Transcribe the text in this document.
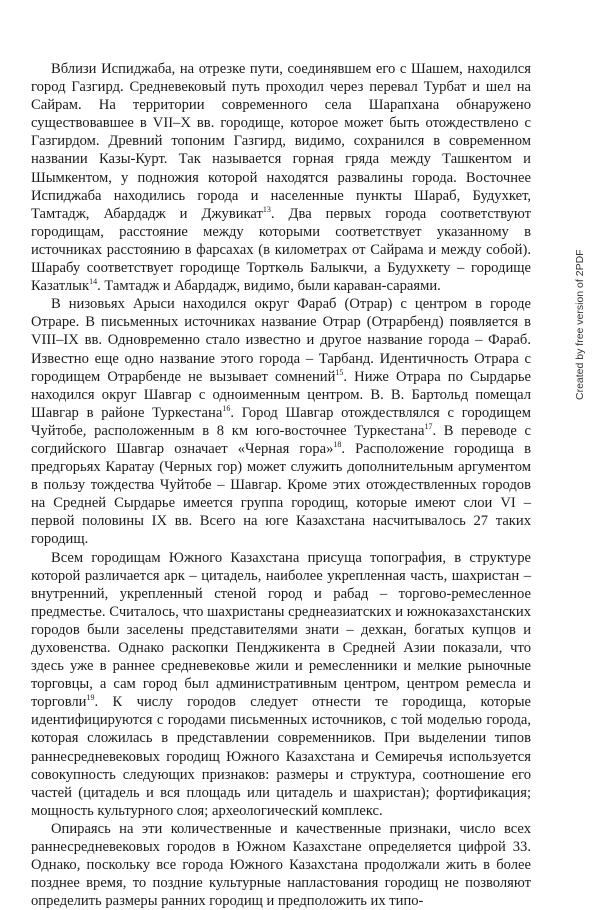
Вблизи Испиджаба, на отрезке пути, соединявшем его с Шашем, находился город Газгирд. Средневековый путь проходил через перевал Турбат и шел на Сайрам. На территории современного села Шарапхана обнаружено существовавшее в VII–X вв. городище, которое может быть отождествлено с Газгирдом. Древний топоним Газгирд, видимо, сохранился в современном названии Казы-Курт. Так называется горная гряда между Ташкентом и Шымкентом, у подножия которой находятся развалины города. Восточнее Испиджаба находились города и населенные пункты Шараб, Будухкет, Тамтадж, Абардадж и Джувикат$^{13}$. Два первых города соответствуют городищам, расстояние между которыми соответствует указанному в источниках расстоянию в фарсахах (в километрах от Сайрама и между собой). Шарабу соответствует городище Торткөль Балыкчи, а Будухкету – городище Казатлык$^{14}$. Тамтадж и Абардадж, видимо, были караван-сараями.

В низовьях Арыси находился округ Фараб (Отрар) с центром в городе Отраре. В письменных источниках название Отрар (Отрарбенд) появляется в VIII–IX вв. Одновременно стало известно и другое название города – Фараб. Известно еще одно название этого города – Тарбанд. Идентичность Отрара с городищем Отрарбенде не вызывает сомнений$^{15}$. Ниже Отрара по Сырдарье находился округ Шавгар с одноименным центром. В. В. Бартольд помещал Шавгар в районе Туркестана$^{16}$. Город Шавгар отождествлялся с городищем Чуйтобе, расположенным в 8 км юго-восточнее Туркестана$^{17}$. В переводе с согдийского Шавгар означает «Черная гора»$^{18}$. Расположение городища в предгорьях Каратау (Черных гор) может служить дополнительным аргументом в пользу тождества Чуйтобе – Шавгар. Кроме этих отождествленных городов на Средней Сырдарье имеется группа городищ, которые имеют слои VI – первой половины IX вв. Всего на юге Казахстана насчитывалось 27 таких городищ.

Всем городищам Южного Казахстана присуща топография, в структуре которой различается арк – цитадель, наиболее укрепленная часть, шахристан – внутренний, укрепленный стеной город и рабад – торгово-ремесленное предместье. Считалось, что шахристаны среднеазиатских и южноказахстанских городов были заселены представителями знати – дехкан, богатых купцов и духовенства. Однако раскопки Пенджикента в Средней Азии показали, что здесь уже в раннее средневековье жили и ремесленники и мелкие рыночные торговцы, а сам город был административным центром, центром ремесла и торговли$^{19}$. К числу городов следует отнести те городища, которые идентифицируются с городами письменных источников, с той моделью города, которая сложилась в представлении современников. При выделении типов раннесредневековых городищ Южного Казахстана и Семиречья используется совокупность следующих признаков: размеры и структура, соотношение его частей (цитадель и вся площадь или цитадель и шахристан); фортификация; мощность культурного слоя; археологический комплекс.

Опираясь на эти количественные и качественные признаки, число всех раннесредневековых городов в Южном Казахстане определяется цифрой 33. Однако, поскольку все города Южного Казахстана продолжали жить в более позднее время, то поздние культурные напластования городищ не позволяют определить размеры ранних городищ и предположить их типо-

Created by free version of 2PDF
